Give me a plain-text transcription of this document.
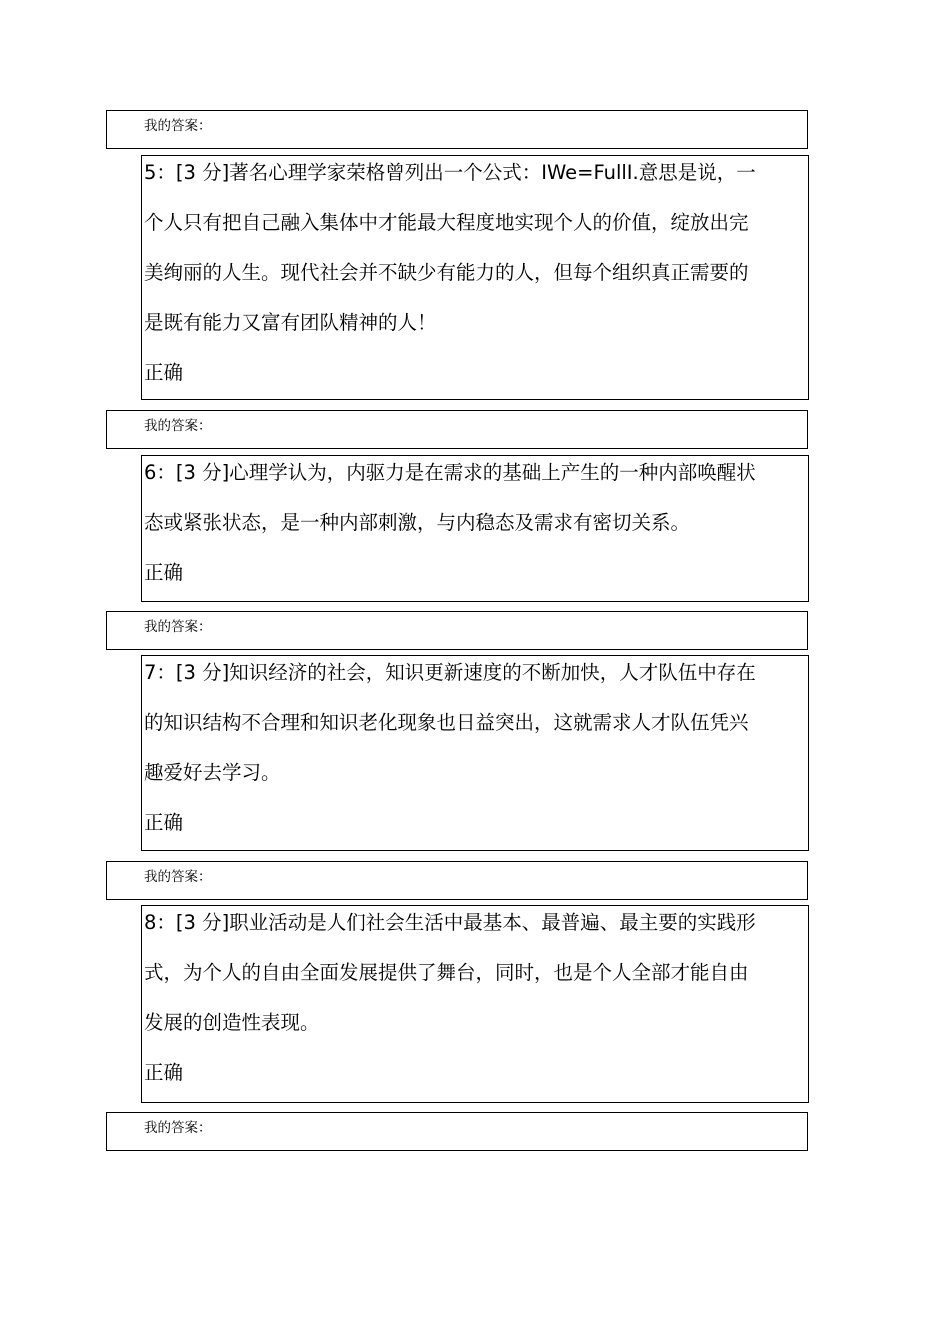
我的答案：
5：[3 分]著名心理学家荣格曾列出一个公式：IWe=FullI.意思是说，一
个人只有把自己融入集体中才能最大程度地实现个人的价值，绽放出完
美绚丽的人生。现代社会并不缺少有能力的人，但每个组织真正需要的
是既有能力又富有团队精神的人！
正确
我的答案：
6：[3 分]心理学认为，内驱力是在需求的基础上产生的一种内部唤醒状
态或紧张状态，是一种内部刺激，与内稳态及需求有密切关系。
正确
我的答案：
7：[3 分]知识经济的社会，知识更新速度的不断加快，人才队伍中存在
的知识结构不合理和知识老化现象也日益突出，这就需求人才队伍凭兴
趣爱好去学习。
正确
我的答案：
8：[3 分]职业活动是人们社会生活中最基本、最普遍、最主要的实践形
式，为个人的自由全面发展提供了舞台，同时，也是个人全部才能自由
发展的创造性表现。
正确
我的答案：
